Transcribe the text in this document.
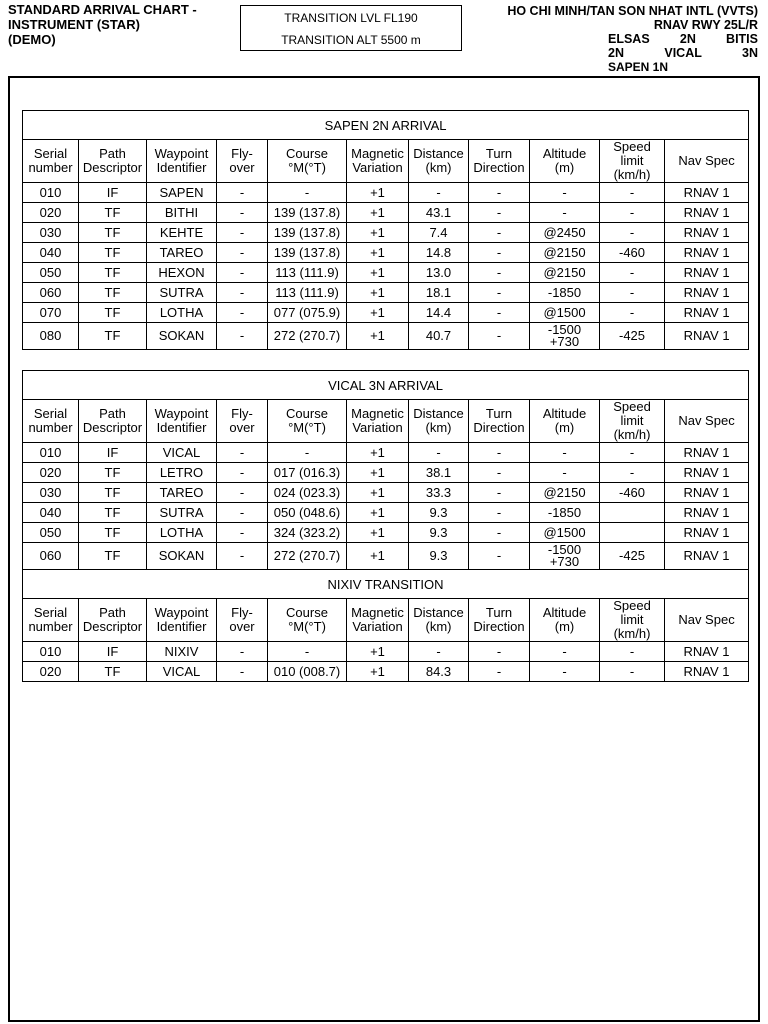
STANDARD ARRIVAL CHART -
INSTRUMENT (STAR)
(DEMO)
TRANSITION LVL FL190
TRANSITION ALT 5500 m
HO CHI MINH/TAN SON NHAT INTL (VVTS)
RNAV RWY 25L/R
ELSAS 2N BITIS
2N	VICAL	3N
SAPEN 1N
SAPEN 2N ARRIVAL										
Serial
number	Path
Descriptor	Waypoint
Identifier	Fly-
over	Course
°M(°T)	Magnetic
Variation	Distance
(km)	Turn
Direction	Altitude
(m)	Speed
limit
(km/h)	Nav Spec
010	IF	SAPEN	-	-	+1	-	-	-	-	RNAV 1
020	TF	BITHI	-	139 (137.8)	+1	43.1	-	-	-	RNAV 1
030	TF	KEHTE	-	139 (137.8)	+1	7.4	-	@2450	-	RNAV 1
040	TF	TAREO	-	139 (137.8)	+1	14.8	-	@2150	-460	RNAV 1
050	TF	HEXON	-	113 (111.9)	+1	13.0	-	@2150	-	RNAV 1
060	TF	SUTRA	-	113 (111.9)	+1	18.1	-	-1850	-	RNAV 1
070	TF	LOTHA	-	077 (075.9)	+1	14.4	-	@1500	-	RNAV 1
080	TF	SOKAN	-	272 (270.7)	+1	40.7	-	-1500
+730	-425	RNAV 1
VICAL 3N ARRIVAL										
Serial
number	Path
Descriptor	Waypoint
Identifier	Fly-
over	Course
°M(°T)	Magnetic
Variation	Distance
(km)	Turn
Direction	Altitude
(m)	Speed
limit
(km/h)	Nav Spec
010	IF	VICAL	-	-	+1	-	-	-	-	RNAV 1
020	TF	LETRO	-	017 (016.3)	+1	38.1	-	-	-	RNAV 1
030	TF	TAREO	-	024 (023.3)	+1	33.3	-	@2150	-460	RNAV 1
040	TF	SUTRA	-	050 (048.6)	+1	9.3	-	-1850		RNAV 1
050	TF	LOTHA	-	324 (323.2)	+1	9.3	-	@1500		RNAV 1
060	TF	SOKAN	-	272 (270.7)	+1	9.3	-	-1500
+730	-425	RNAV 1
NIXIV TRANSITION										
Serial
number	Path
Descriptor	Waypoint
Identifier	Fly-
over	Course
°M(°T)	Magnetic
Variation	Distance
(km)	Turn
Direction	Altitude
(m)	Speed
limit
(km/h)	Nav Spec
010	IF	NIXIV	-	-	+1	-	-	-	-	RNAV 1
020	TF	VICAL	-	010 (008.7)	+1	84.3	-	-	-	RNAV 1
